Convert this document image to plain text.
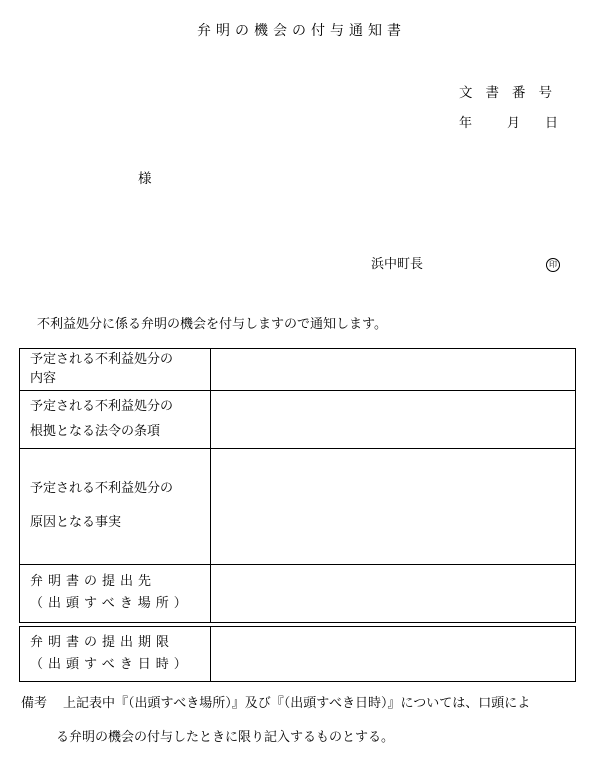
弁明の機会の付与通知書
文書番号
年	月 日
様
浜中町長	印
不利益処分に係る弁明の機会を付与しますので通知します。
予定される不利益処分の
内容	

予定される不利益処分の
根拠となる法令の条項	

予定される不利益処分の
原因となる事実	

弁明書の提出先
（出頭すべき場所）	

弁明書の提出期限
（出頭すべき日時）	

備考 上記表中『（出頭すべき場所）』及び『（出頭すべき日時）』については、口頭によ
る弁明の機会の付与したときに限り記入するものとする。
